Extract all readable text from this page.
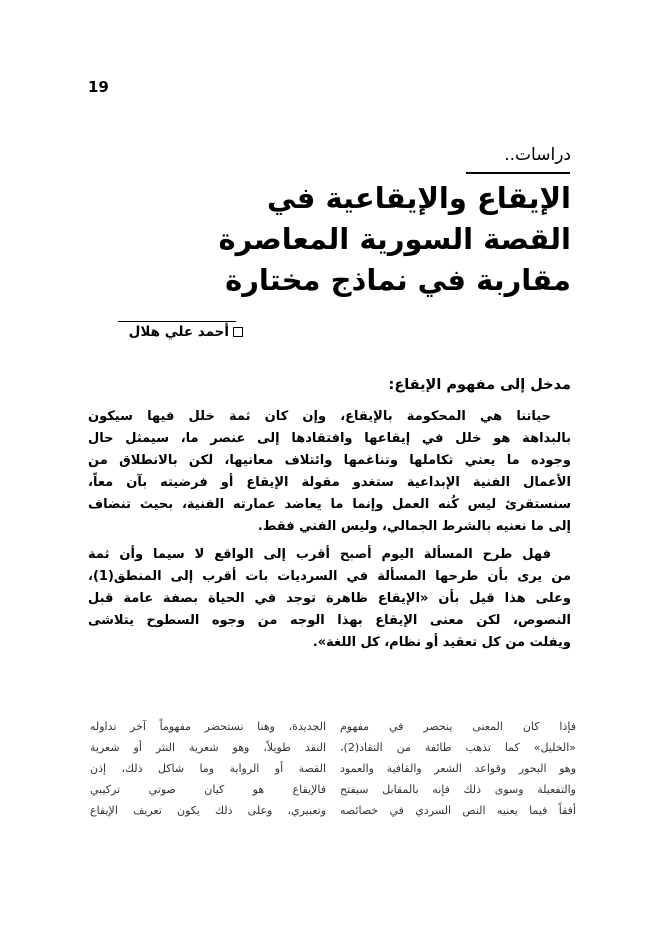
19
دراسات..
الإيقاع والإيقاعية في
القصة السورية المعاصرة
مقاربة في نماذج مختارة
أحمد علي هلال
مدخل إلى مفهوم الإيقاع:
حياتنا هي المحكومة بالإيقاع، وإن كان ثمة خلل فيها سيكون
بالبداهة هو خلل في إيقاعها وافتقادها إلى عنصر ما، سيمثل حال
وجوده ما يعني تكاملها وتناغمها وائتلاف معانيها، لكن بالانطلاق من
الأعمال الفنية الإبداعية ستغدو مقولة الإيقاع أو فرضيته بآن معاً،
سنستقرئ ليس كُنه العمل وإنما ما يعاضد عمارته الفنية، بحيث تنضاف
إلى ما نعنيه بالشرط الجمالي، وليس الفني فقط.
فهل طرح المسألة اليوم أصبح أقرب إلى الواقع لا سيما وأن ثمة
من يرى بأن طرحها المسألة في السرديات بات أقرب إلى المنطق(1)،
وعلى هذا قيل بأن «الإيقاع ظاهرة توجد في الحياة بصفة عامة قبل
النصوص، لكن معنى الإيقاع بهذا الوجه من وجوه السطوح يتلاشى
ويفلت من كل تعقيد أو نظام، كل اللغة».
فإذا كان المعنى ينحصر في مفهوم
«الخليل» كما تذهب طائفة من النقاد(2)،
وهو البحور وقواعد الشعر والقافية والعمود
والتفعيلة وسوى ذلك فإنه بالمقابل سيفتح
أفقاً فيما يعنيه النص السردي في خصائصه
الجديدة، وهنا نستحضر مفهوماً آخر تداوله
النقد طويلاً، وهو شعرية النثر أو شعرية
القصة أو الرواية وما شاكل ذلك، إذن
فالإيقاع هو كيان صوتي تركيبي
وتعبيري، وعلى ذلك يكون تعريف الإيقاع
